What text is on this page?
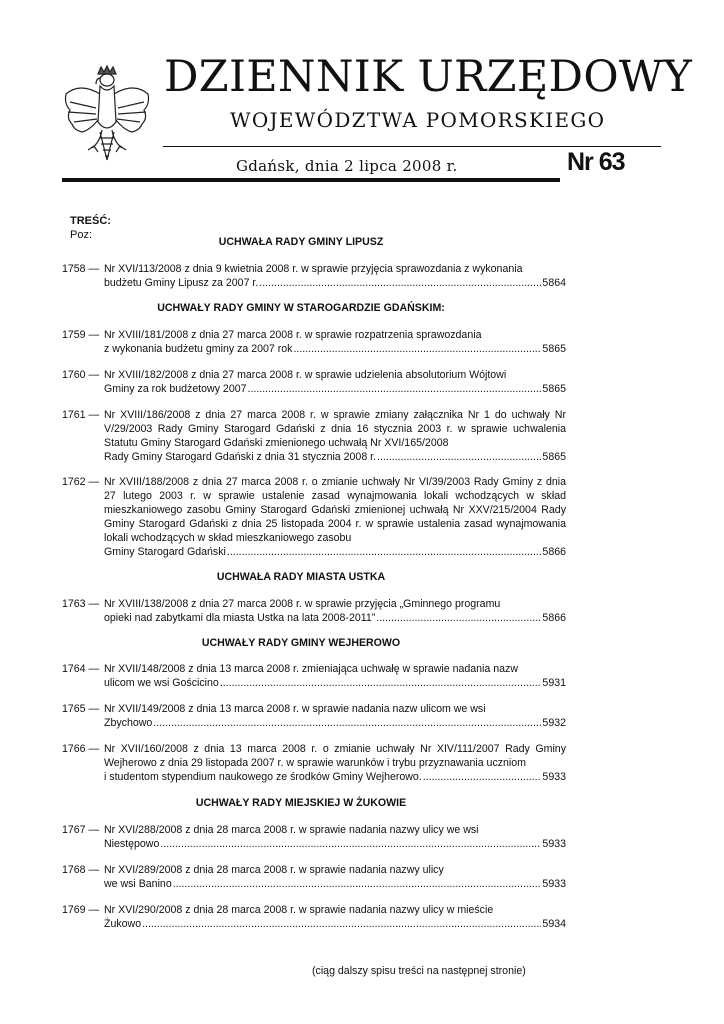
DZIENNIK URZĘDOWY
WOJEWÓDZTWA POMORSKIEGO
Gdańsk, dnia 2 lipca 2008 r.	Nr 63
TREŚĆ:
Poz:
UCHWAŁA RADY GMINY LIPUSZ
UCHWAŁY RADY GMINY W STAROGARDZIE GDAŃSKIM:
UCHWAŁA RADY MIASTA USTKA
UCHWAŁY RADY GMINY WEJHEROWO
UCHWAŁY RADY MIEJSKIEJ W ŻUKOWIE
1758 — Nr XVI/113/2008 z dnia 9 kwietnia 2008 r. w sprawie przyjęcia sprawozdania z wykonania
budżetu Gminy Lipusz za 2007 r. .....	5864
1759 — Nr XVIII/181/2008 z dnia 27 marca 2008 r. w sprawie rozpatrzenia sprawozdania
z wykonania budżetu gminy za 2007 rok .....	5865
1760 — Nr XVIII/182/2008 z dnia 27 marca 2008 r. w sprawie udzielenia absolutorium Wójtowi
Gminy za rok budżetowy 2007 .....	5865
1761 — Nr XVIII/186/2008 z dnia 27 marca 2008 r. w sprawie zmiany załącznika Nr 1 do uchwały Nr V/29/2003 Rady Gminy Starogard Gdański z dnia 16 stycznia 2003 r. w sprawie uchwalenia Statutu Gminy Starogard Gdański zmienionego uchwałą Nr XVI/165/2008
Rady Gminy Starogard Gdański z dnia 31 stycznia 2008 r. .....	5865
1762 — Nr XVIII/188/2008 z dnia 27 marca 2008 r. o zmianie uchwały Nr VI/39/2003 Rady Gminy z dnia 27 lutego 2003 r. w sprawie ustalenie zasad wynajmowania lokali wchodzących w skład mieszkaniowego zasobu Gminy Starogard Gdański zmienionej uchwałą Nr XXV/215/2004 Rady Gminy Starogard Gdański z dnia 25 listopada 2004 r. w sprawie ustalenia zasad wynajmowania lokali wchodzących w skład mieszkaniowego zasobu
Gminy Starogard Gdański .....	5866
1763 — Nr XVIII/138/2008 z dnia 27 marca 2008 r. w sprawie przyjęcia „Gminnego programu
opieki nad zabytkami dla miasta Ustka na lata 2008-2011” .....	5866
1764 — Nr XVII/148/2008 z dnia 13 marca 2008 r. zmieniająca uchwałę w sprawie nadania nazw
ulicom we wsi Gościcino .....	5931
1765 — Nr XVII/149/2008 z dnia 13 marca 2008 r. w sprawie nadania nazw ulicom we wsi
Zbychowo .....	5932
1766 — Nr XVII/160/2008 z dnia 13 marca 2008 r. o zmianie uchwały Nr XIV/111/2007 Rady Gminy Wejherowo z dnia 29 listopada 2007 r. w sprawie warunków i trybu przyznawania uczniom
i studentom stypendium naukowego ze środków Gminy Wejherowo. .....	5933
1767 — Nr XVI/288/2008 z dnia 28 marca 2008 r. w sprawie nadania nazwy ulicy we wsi
Niestępowo .....	5933
1768 — Nr XVI/289/2008 z dnia 28 marca 2008 r. w sprawie nadania nazwy ulicy
we wsi Banino .....	5933
1769 — Nr XVI/290/2008 z dnia 28 marca 2008 r. w sprawie nadania nazwy ulicy w mieście
Żukowo .....	5934
(ciąg dalszy spisu treści na następnej stronie)
